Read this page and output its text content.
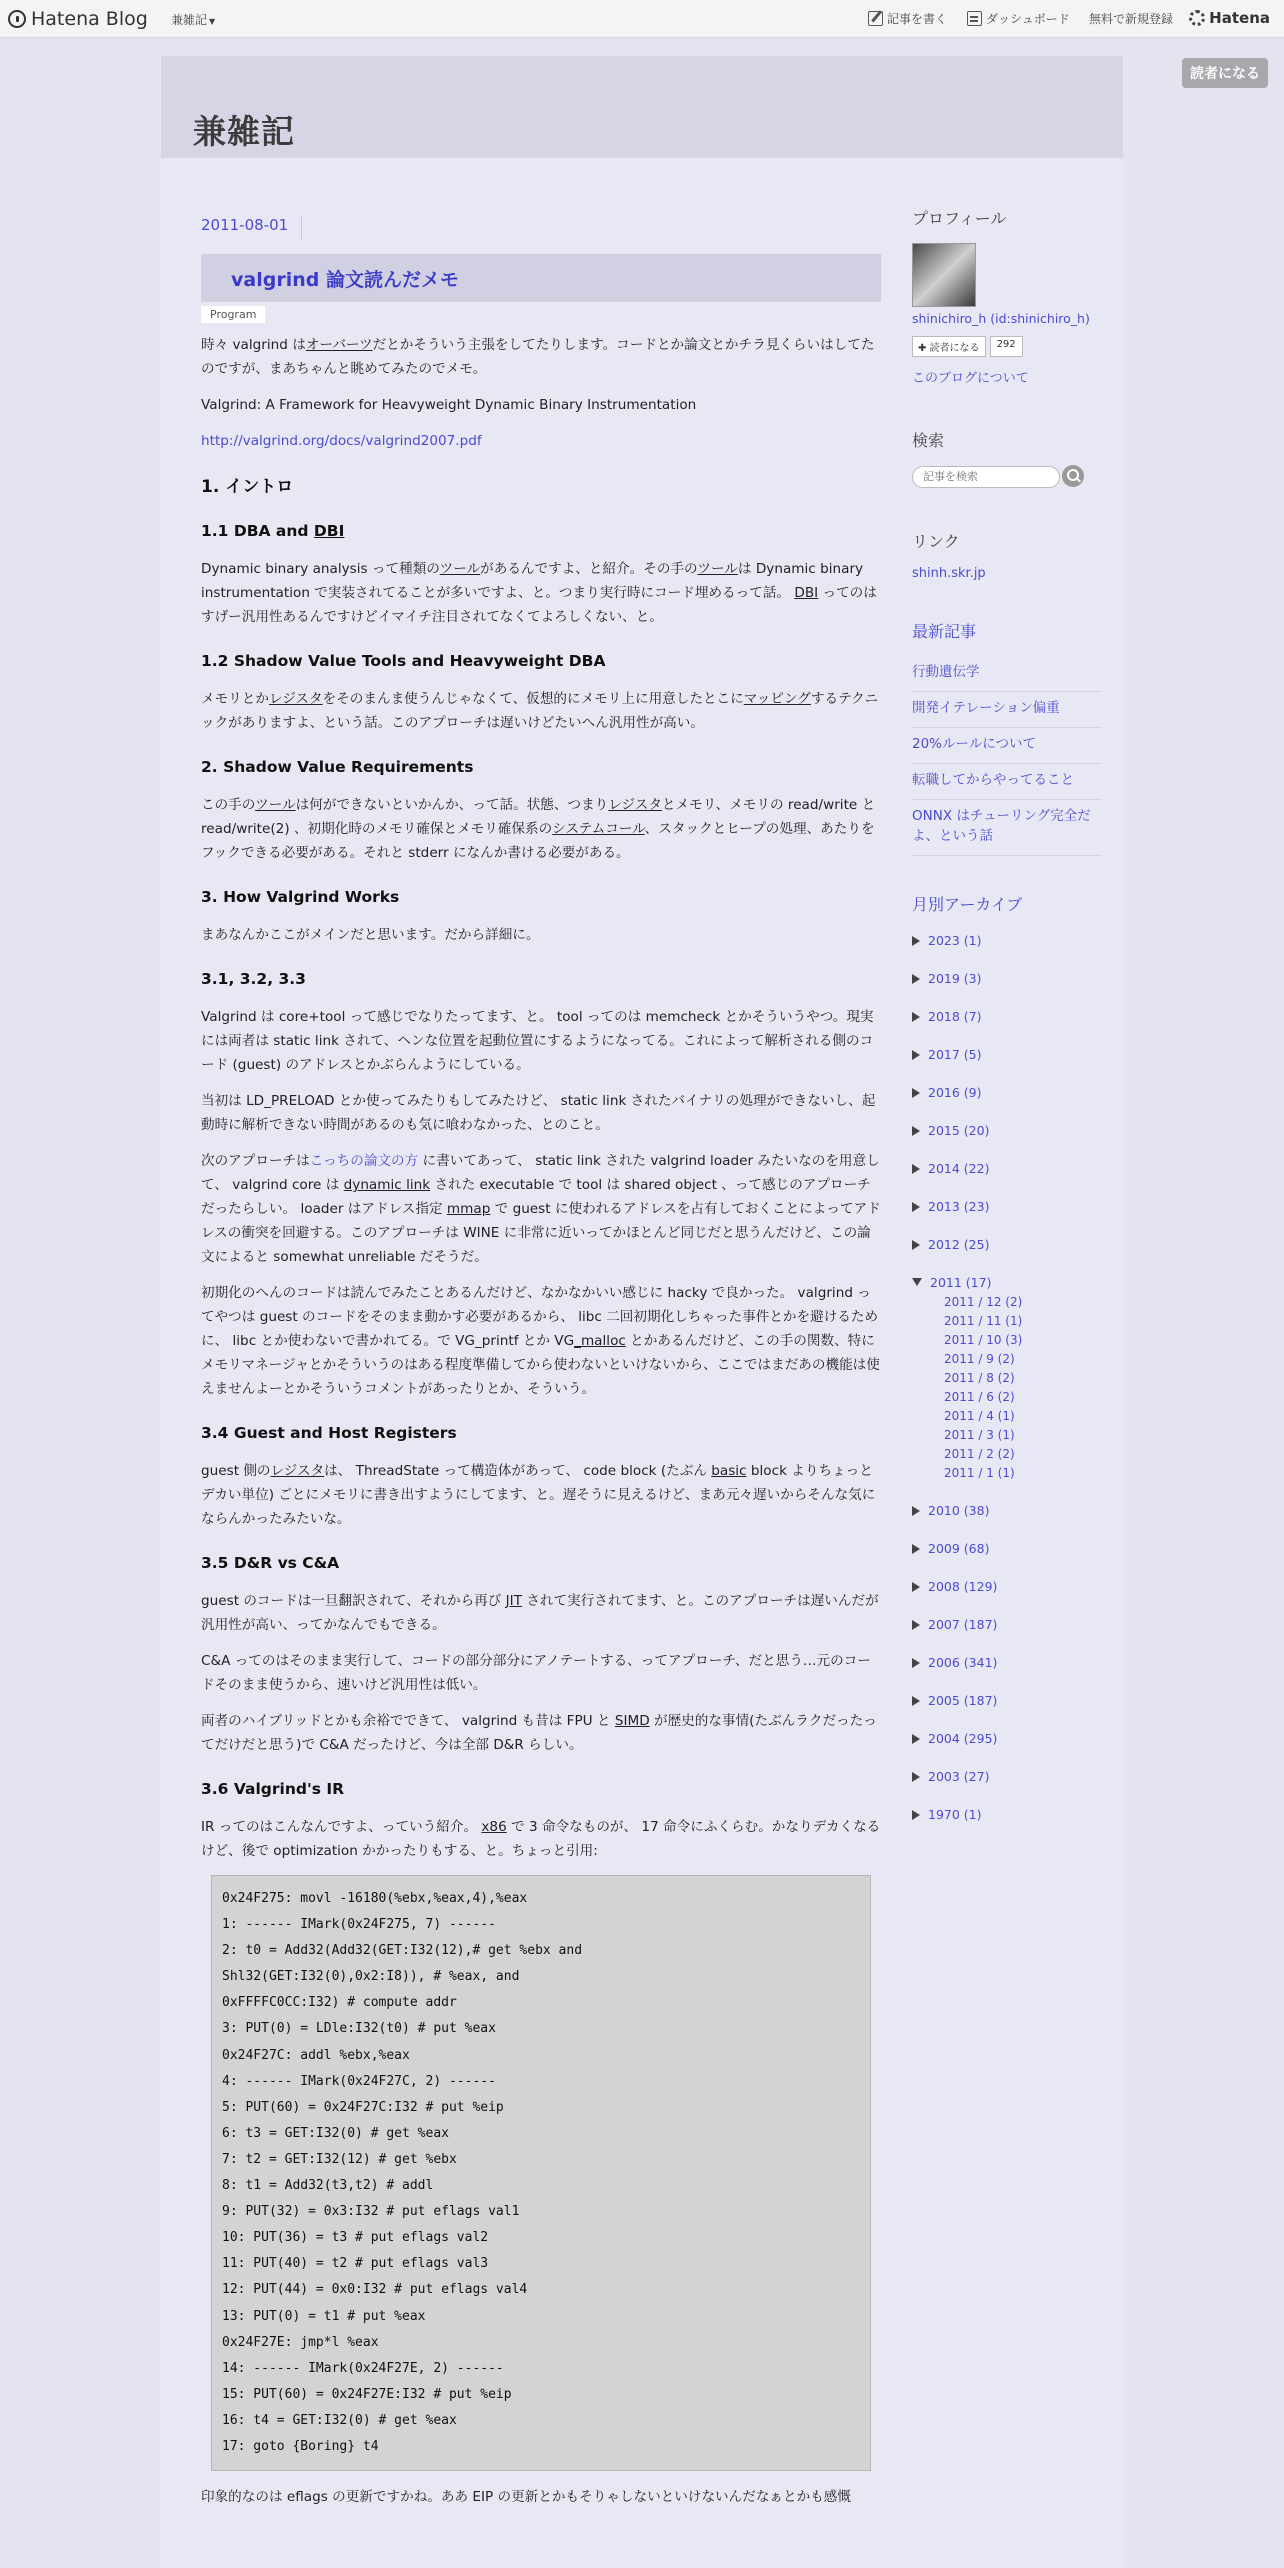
Hatena Blog 兼雑記 ▼	記事を書く	ダッシュボード 無料で新規登録	Hatena
読者になる
兼雑記
2011-08-01
valgrind 論文読んだメモ
Program

時々 valgrind はオーバーツだとかそういう主張をしてたりします。コードとか論文とかチラ見くらいはしてたのですが、まあちゃんと眺めてみたのでメモ。

Valgrind: A Framework for Heavyweight Dynamic Binary Instrumentation

http://valgrind.org/docs/valgrind2007.pdf

1. イントロ
1.1 DBA and DBI

Dynamic binary analysis って種類のツールがあるんですよ、と紹介。その手のツールは Dynamic binary instrumentation で実装されてることが多いですよ、と。つまり実行時にコード埋めるって話。 DBI ってのはすげー汎用性あるんですけどイマイチ注目されてなくてよろしくない、と。

1.2 Shadow Value Tools and Heavyweight DBA

メモリとかレジスタをそのまんま使うんじゃなくて、仮想的にメモリ上に用意したとこにマッピングするテクニックがありますよ、という話。このアプローチは遅いけどたいへん汎用性が高い。

2. Shadow Value Requirements

この手のツールは何ができないといかんか、って話。状態、つまりレジスタとメモリ、メモリの read/write と read/write(2) 、初期化時のメモリ確保とメモリ確保系のシステムコール、スタックとヒープの処理、あたりをフックできる必要がある。それと stderr になんか書ける必要がある。

3. How Valgrind Works

まあなんかここがメインだと思います。だから詳細に。

3.1, 3.2, 3.3

Valgrind は core+tool って感じでなりたってます、と。 tool ってのは memcheck とかそういうやつ。現実には両者は static link されて、ヘンな位置を起動位置にするようになってる。これによって解析される側のコード (guest) のアドレスとかぶらんようにしている。

当初は LD_PRELOAD とか使ってみたりもしてみたけど、 static link されたバイナリの処理ができないし、起動時に解析できない時間があるのも気に喰わなかった、とのこと。

次のアプローチはこっちの論文の方 に書いてあって、 static link された valgrind loader みたいなのを用意して、 valgrind core は dynamic link された executable で tool は shared object 、って感じのアプローチだったらしい。 loader はアドレス指定 mmap で guest に使われるアドレスを占有しておくことによってアドレスの衝突を回避する。このアプローチは WINE に非常に近いってかほとんど同じだと思うんだけど、この論文によると somewhat unreliable だそうだ。

初期化のへんのコードは読んでみたことあるんだけど、なかなかいい感じに hacky で良かった。 valgrind ってやつは guest のコードをそのまま動かす必要があるから、 libc 二回初期化しちゃった事件とかを避けるために、 libc とか使わないで書かれてる。で VG_printf とか VG_malloc とかあるんだけど、この手の関数、特にメモリマネージャとかそういうのはある程度準備してから使わないといけないから、ここではまだあの機能は使えませんよーとかそういうコメントがあったりとか、そういう。

3.4 Guest and Host Registers

guest 側のレジスタは、 ThreadState って構造体があって、 code block (たぶん basic block よりちょっとデカい単位) ごとにメモリに書き出すようにしてます、と。遅そうに見えるけど、まあ元々遅いからそんな気にならんかったみたいな。

3.5 D&R vs C&A

guest のコードは一旦翻訳されて、それから再び JIT されて実行されてます、と。このアプローチは遅いんだが汎用性が高い、ってかなんでもできる。

C&A ってのはそのまま実行して、コードの部分部分にアノテートする、ってアプローチ、だと思う…元のコードそのまま使うから、速いけど汎用性は低い。

両者のハイブリッドとかも余裕でできて、 valgrind も昔は FPU と SIMD が歴史的な事情(たぶんラクだったってだけだと思う)で C&A だったけど、今は全部 D&R らしい。

3.6 Valgrind's IR

IR ってのはこんなんですよ、っていう紹介。 x86 で 3 命令なものが、 17 命令にふくらむ。かなりデカくなるけど、後で optimization かかったりもする、と。ちょっと引用:

0x24F275: movl -16180(%ebx,%eax,4),%eax
1: ------ IMark(0x24F275, 7) ------
2: t0 = Add32(Add32(GET:I32(12),# get %ebx and
Shl32(GET:I32(0),0x2:I8)), # %eax, and
0xFFFFC0CC:I32) # compute addr
3: PUT(0) = LDle:I32(t0) # put %eax
0x24F27C: addl %ebx,%eax
4: ------ IMark(0x24F27C, 2) ------
5: PUT(60) = 0x24F27C:I32 # put %eip
6: t3 = GET:I32(0) # get %eax
7: t2 = GET:I32(12) # get %ebx
8: t1 = Add32(t3,t2) # addl
9: PUT(32) = 0x3:I32 # put eflags val1
10: PUT(36) = t3 # put eflags val2
11: PUT(40) = t2 # put eflags val3
12: PUT(44) = 0x0:I32 # put eflags val4
13: PUT(0) = t1 # put %eax
0x24F27E: jmp*l %eax
14: ------ IMark(0x24F27E, 2) ------
15: PUT(60) = 0x24F27E:I32 # put %eip
16: t4 = GET:I32(0) # get %eax
17: goto {Boring} t4

印象的なのは eflags の更新ですかね。ああ EIP の更新とかもそりゃしないといけないんだなぁとかも感慨

プロフィール
shinichiro_h (id:shinichiro_h)
✚ 読者になる	292
このブログについて
検索
記事を検索
リンク
shinh.skr.jp
最新記事
行動遺伝学
開発イテレーション偏重
20%ルールについて
転職してからやってること
ONNX はチューリング完全だよ、という話
月別アーカイブ
2023 (1)
2019 (3)
2018 (7)
2017 (5)
2016 (9)
2015 (20)
2014 (22)
2013 (23)
2012 (25)
2011 (17)
2011 / 12 (2)
2011 / 11 (1)
2011 / 10 (3)
2011 / 9 (2)
2011 / 8 (2)
2011 / 6 (2)
2011 / 4 (1)
2011 / 3 (1)
2011 / 2 (2)
2011 / 1 (1)
2010 (38)
2009 (68)
2008 (129)
2007 (187)
2006 (341)
2005 (187)
2004 (295)
2003 (27)
1970 (1)
